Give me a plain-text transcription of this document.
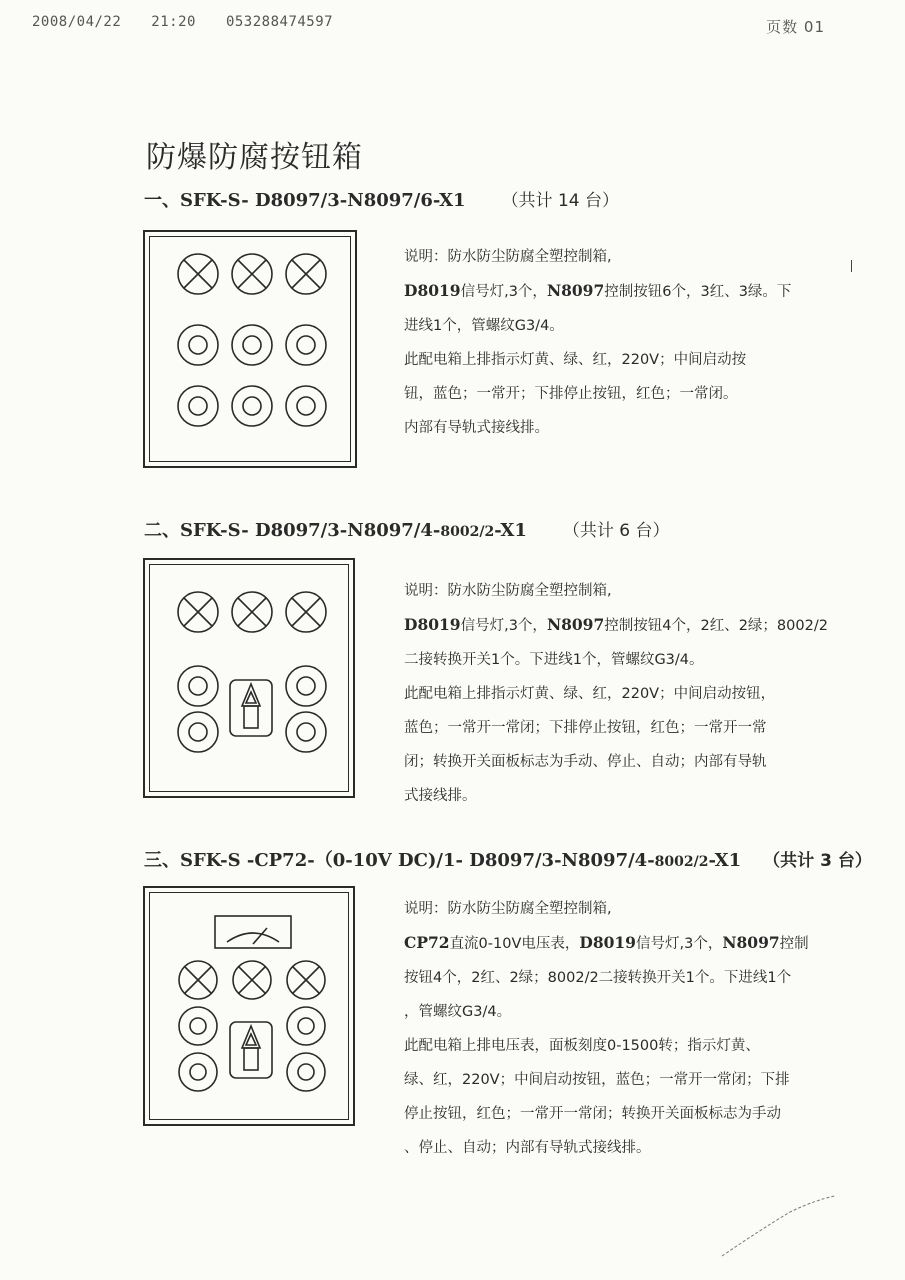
2008/04/22 21:20 053288474597	页数 01
防爆防腐按钮箱
一、SFK-S- D8097/3-N8097/6-X1 （共计 14 台）

说明：防水防尘防腐全塑控制箱,

D8019信号灯,3个，N8097控制按钮6个，3红、3绿。下

进线1个，管螺纹G3/4。

此配电箱上排指示灯黄、绿、红，220V；中间启动按

钮，蓝色；一常开；下排停止按钮，红色；一常闭。

内部有导轨式接线排。

二、SFK-S- D8097/3-N8097/4-8002/2-X1 （共计 6 台）

说明：防水防尘防腐全塑控制箱,

D8019信号灯,3个，N8097控制按钮4个，2红、2绿；8002/2

二接转换开关1个。下进线1个，管螺纹G3/4。

此配电箱上排指示灯黄、绿、红，220V；中间启动按钮，

蓝色；一常开一常闭；下排停止按钮，红色；一常开一常

闭；转换开关面板标志为手动、停止、自动；内部有导轨

式接线排。

三、SFK-S -CP72-（0-10V DC)/1- D8097/3-N8097/4-8002/2-X1 （共计 3 台）

说明：防水防尘防腐全塑控制箱,

CP72直流0-10V电压表，D8019信号灯,3个，N8097控制

按钮4个，2红、2绿；8002/2二接转换开关1个。下进线1个

，管螺纹G3/4。

此配电箱上排电压表，面板刻度0-1500转；指示灯黄、

绿、红，220V；中间启动按钮，蓝色；一常开一常闭；下排

停止按钮，红色；一常开一常闭；转换开关面板标志为手动

、停止、自动；内部有导轨式接线排。
